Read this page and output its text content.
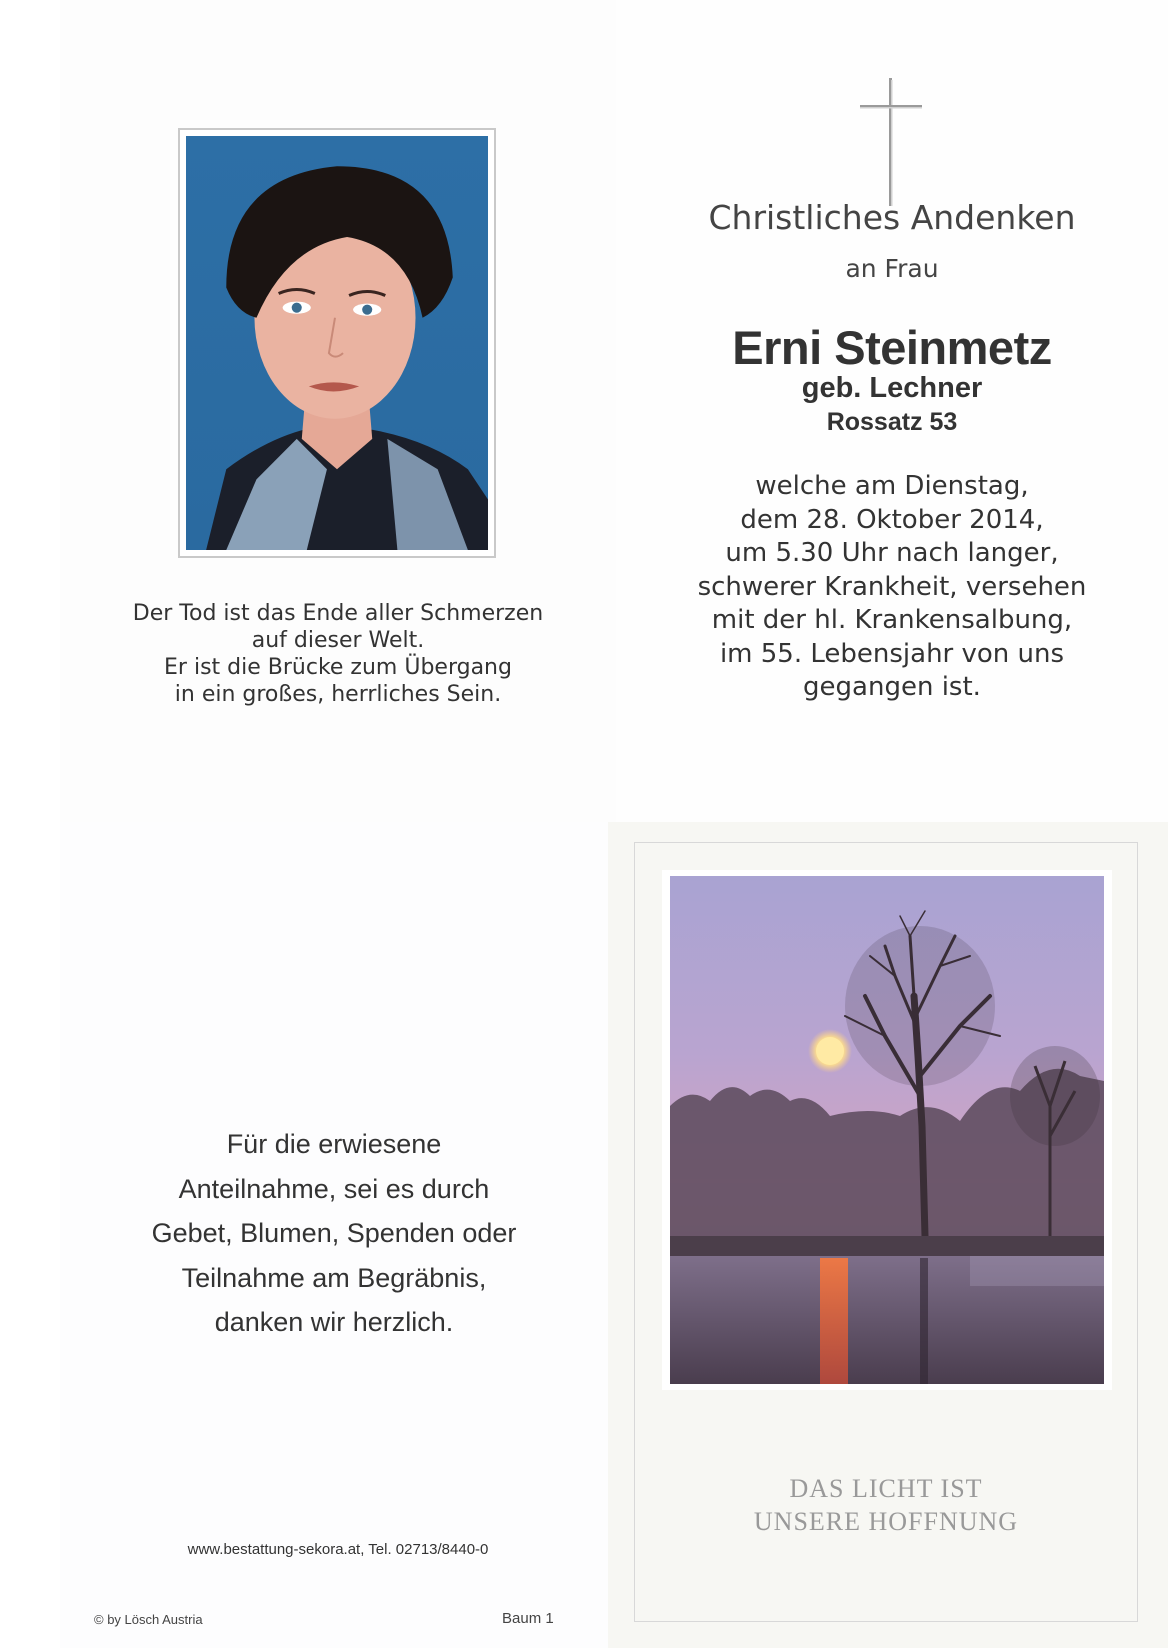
Der Tod ist das Ende aller Schmerzen
auf dieser Welt.
Er ist die Brücke zum Übergang
in ein großes, herrliches Sein.
Christliches Andenken
an Frau
Erni Steinmetz
geb. Lechner
Rossatz 53
welche am Dienstag,
dem 28. Oktober 2014,
um 5.30 Uhr nach langer,
schwerer Krankheit, versehen
mit der hl. Krankensalbung,
im 55. Lebensjahr von uns
gegangen ist.
Für die erwiesene
Anteilnahme, sei es durch
Gebet, Blumen, Spenden oder
Teilnahme am Begräbnis,
danken wir herzlich.
www.bestattung-sekora.at, Tel. 02713/8440-0
© by Lösch Austria	Baum 1
DAS LICHT IST
UNSERE HOFFNUNG
